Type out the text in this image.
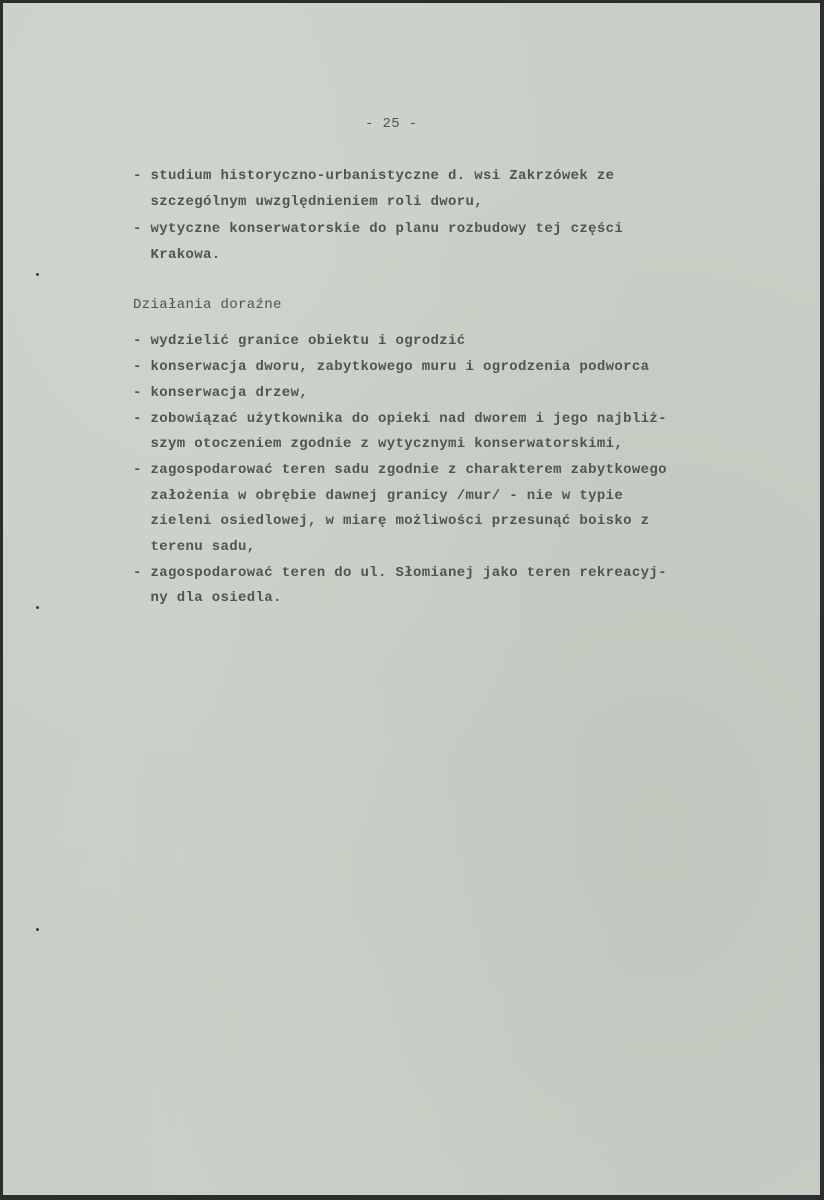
- 25 -
- studium historyczno-urbanistyczne d. wsi Zakrzówek ze
szczególnym uwzględnieniem roli dworu,
- wytyczne konserwatorskie do planu rozbudowy tej części
Krakowa.
Działania doraźne
- wydzielić granice obiektu i ogrodzić
- konserwacja dworu, zabytkowego muru i ogrodzenia podworca
- konserwacja drzew,
- zobowiązać użytkownika do opieki nad dworem i jego najbliż-
szym otoczeniem zgodnie z wytycznymi konserwatorskimi,
- zagospodarować teren sadu zgodnie z charakterem zabytkowego
założenia w obrębie dawnej granicy /mur/ - nie w typie
zieleni osiedlowej, w miarę możliwości przesunąć boisko z
terenu sadu,
- zagospodarować teren do ul. Słomianej jako teren rekreacyj-
ny dla osiedla.
